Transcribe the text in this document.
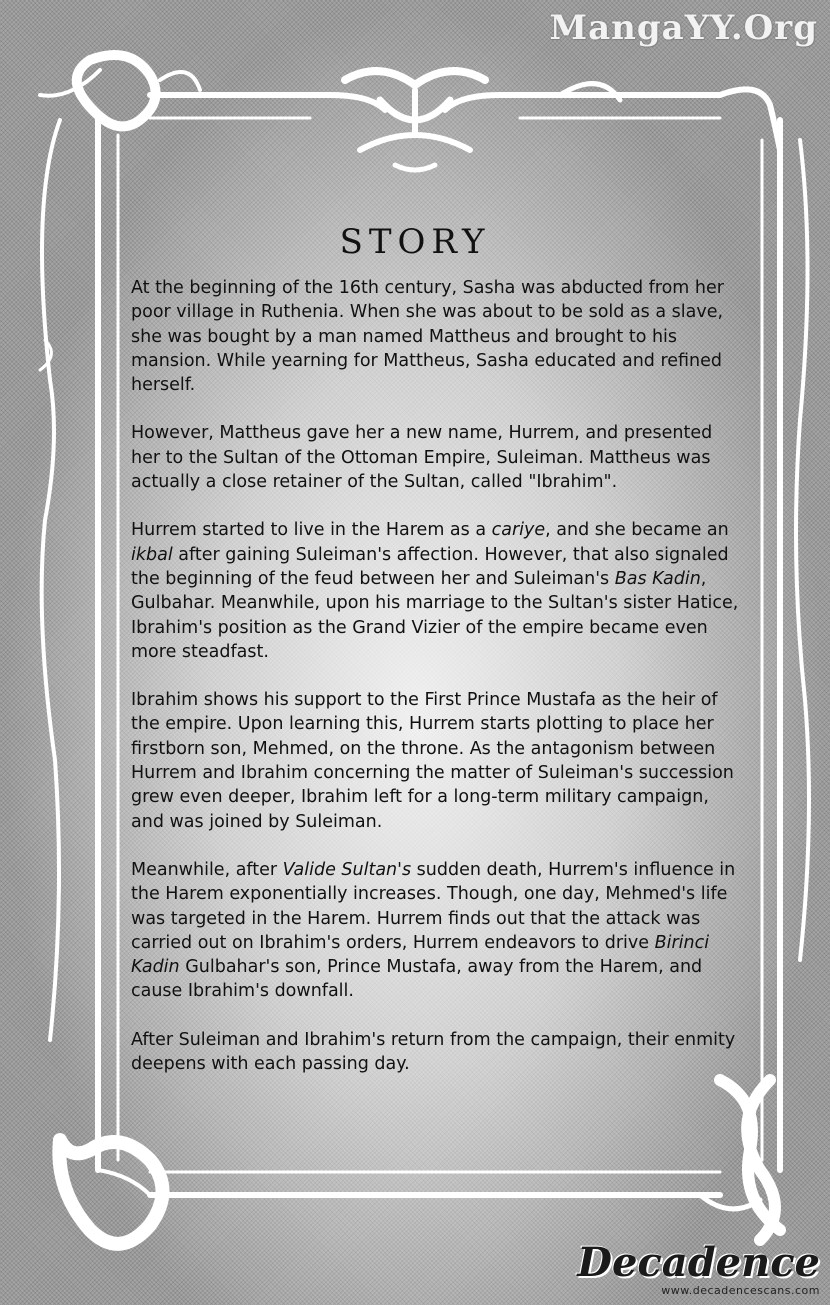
MangaYY.Org
STORY

At the beginning of the 16th century, Sasha was abducted from her poor village in Ruthenia. When she was about to be sold as a slave, she was bought by a man named Mattheus and brought to his mansion. While yearning for Mattheus, Sasha educated and refined herself.

However, Mattheus gave her a new name, Hurrem, and presented her to the Sultan of the Ottoman Empire, Suleiman. Mattheus was actually a close retainer of the Sultan, called "Ibrahim".

Hurrem started to live in the Harem as a cariye, and she became an ikbal after gaining Suleiman's affection. However, that also signaled the beginning of the feud between her and Suleiman's Bas Kadin, Gulbahar. Meanwhile, upon his marriage to the Sultan's sister Hatice, Ibrahim's position as the Grand Vizier of the empire became even more steadfast.

Ibrahim shows his support to the First Prince Mustafa as the heir of the empire. Upon learning this, Hurrem starts plotting to place her firstborn son, Mehmed, on the throne. As the antagonism between Hurrem and Ibrahim concerning the matter of Suleiman's succession grew even deeper, Ibrahim left for a long-term military campaign, and was joined by Suleiman.

Meanwhile, after Valide Sultan's sudden death, Hurrem's influence in the Harem exponentially increases. Though, one day, Mehmed's life was targeted in the Harem. Hurrem finds out that the attack was carried out on Ibrahim's orders, Hurrem endeavors to drive Birinci Kadin Gulbahar's son, Prince Mustafa, away from the Harem, and cause Ibrahim's downfall.

After Suleiman and Ibrahim's return from the campaign, their enmity deepens with each passing day.

Decadence
www.decadencescans.com
